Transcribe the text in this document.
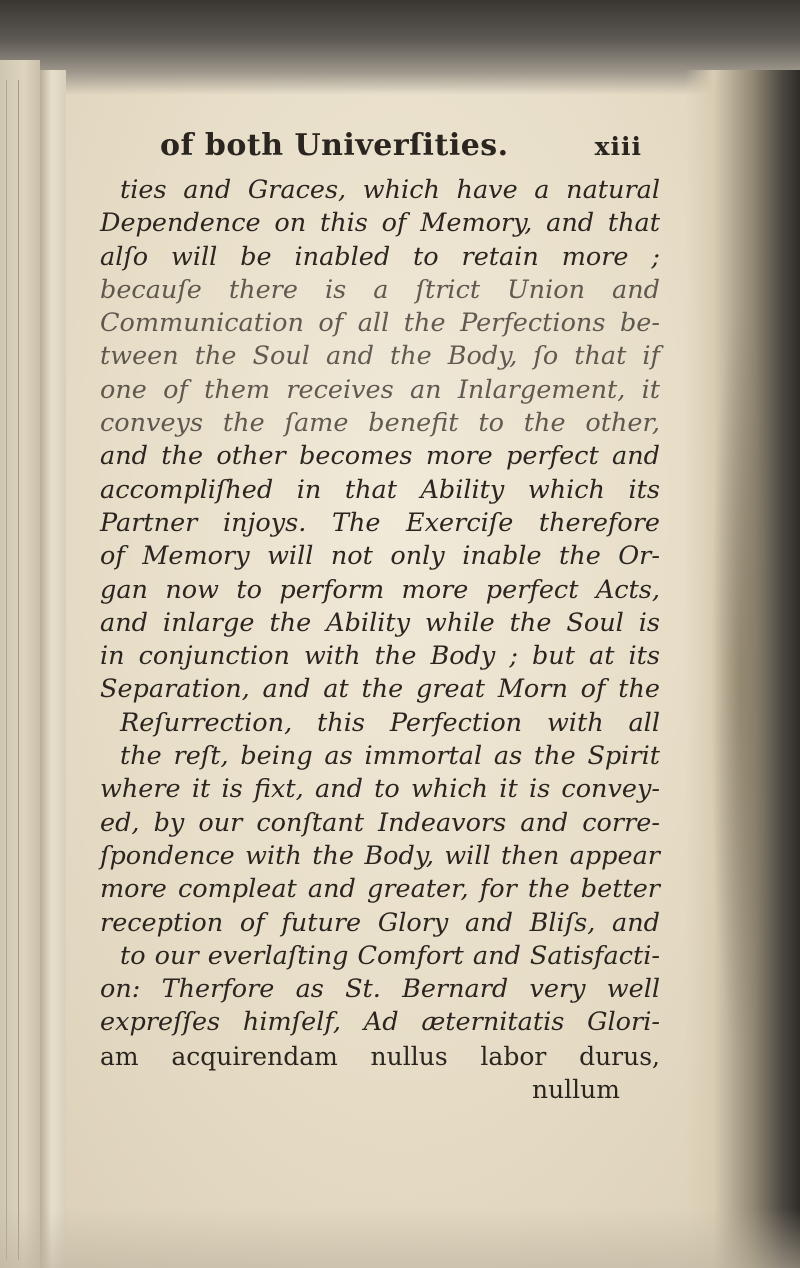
of both Univerſities.	xiii
ties and Graces, which have a natural
Dependence on this of Memory, and that
alſo will be inabled to retain more ;
becauſe there is a ſtrict Union and
Communication of all the Perfections be-
tween the Soul and the Body, ſo that if
one of them receives an Inlargement, it
conveys the ſame benefit to the other,
and the other becomes more perfect and
accompliſhed in that Ability which its
Partner injoys. The Exerciſe therefore
of Memory will not only inable the Or-
gan now to perform more perfect Acts,
and inlarge the Ability while the Soul is
in conjunction with the Body ; but at its
Separation, and at the great Morn of the
Reſurrection, this Perfection with all
the reſt, being as immortal as the Spirit
where it is fixt, and to which it is convey-
ed, by our conſtant Indeavors and corre-
ſpondence with the Body, will then appear
more compleat and greater, for the better
reception of future Glory and Bliſs, and
to our everlaſting Comfort and Satisfacti-
on: Therfore as St. Bernard very well
expreſſes himſelf, Ad æternitatis Glori-
am acquirendam nullus labor durus,
nullum
